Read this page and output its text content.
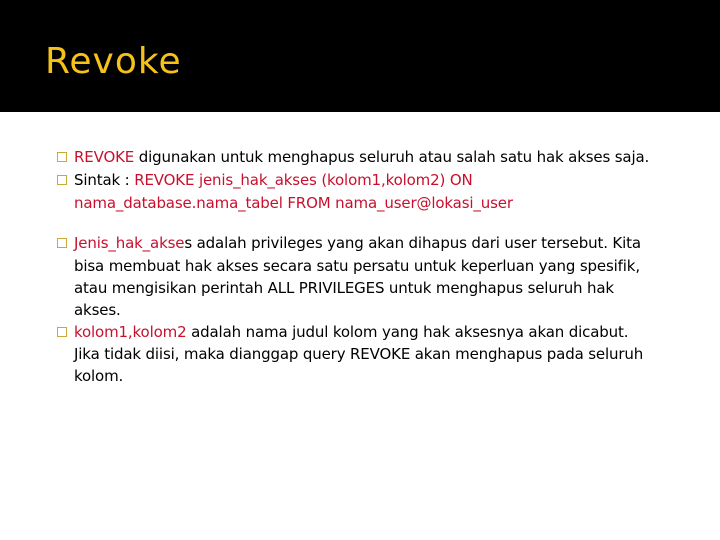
Revoke
REVOKE digunakan untuk menghapus seluruh atau salah satu hak akses saja.
Sintak : REVOKE jenis_hak_akses (kolom1,kolom2) ON
nama_database.nama_tabel FROM nama_user@lokasi_user
Jenis_hak_akses adalah privileges yang akan dihapus dari user tersebut. Kita
bisa membuat hak akses secara satu persatu untuk keperluan yang spesifik,
atau mengisikan perintah ALL PRIVILEGES untuk menghapus seluruh hak
akses.
kolom1,kolom2 adalah nama judul kolom yang hak aksesnya akan dicabut.
Jika tidak diisi, maka dianggap query REVOKE akan menghapus pada seluruh
kolom.
